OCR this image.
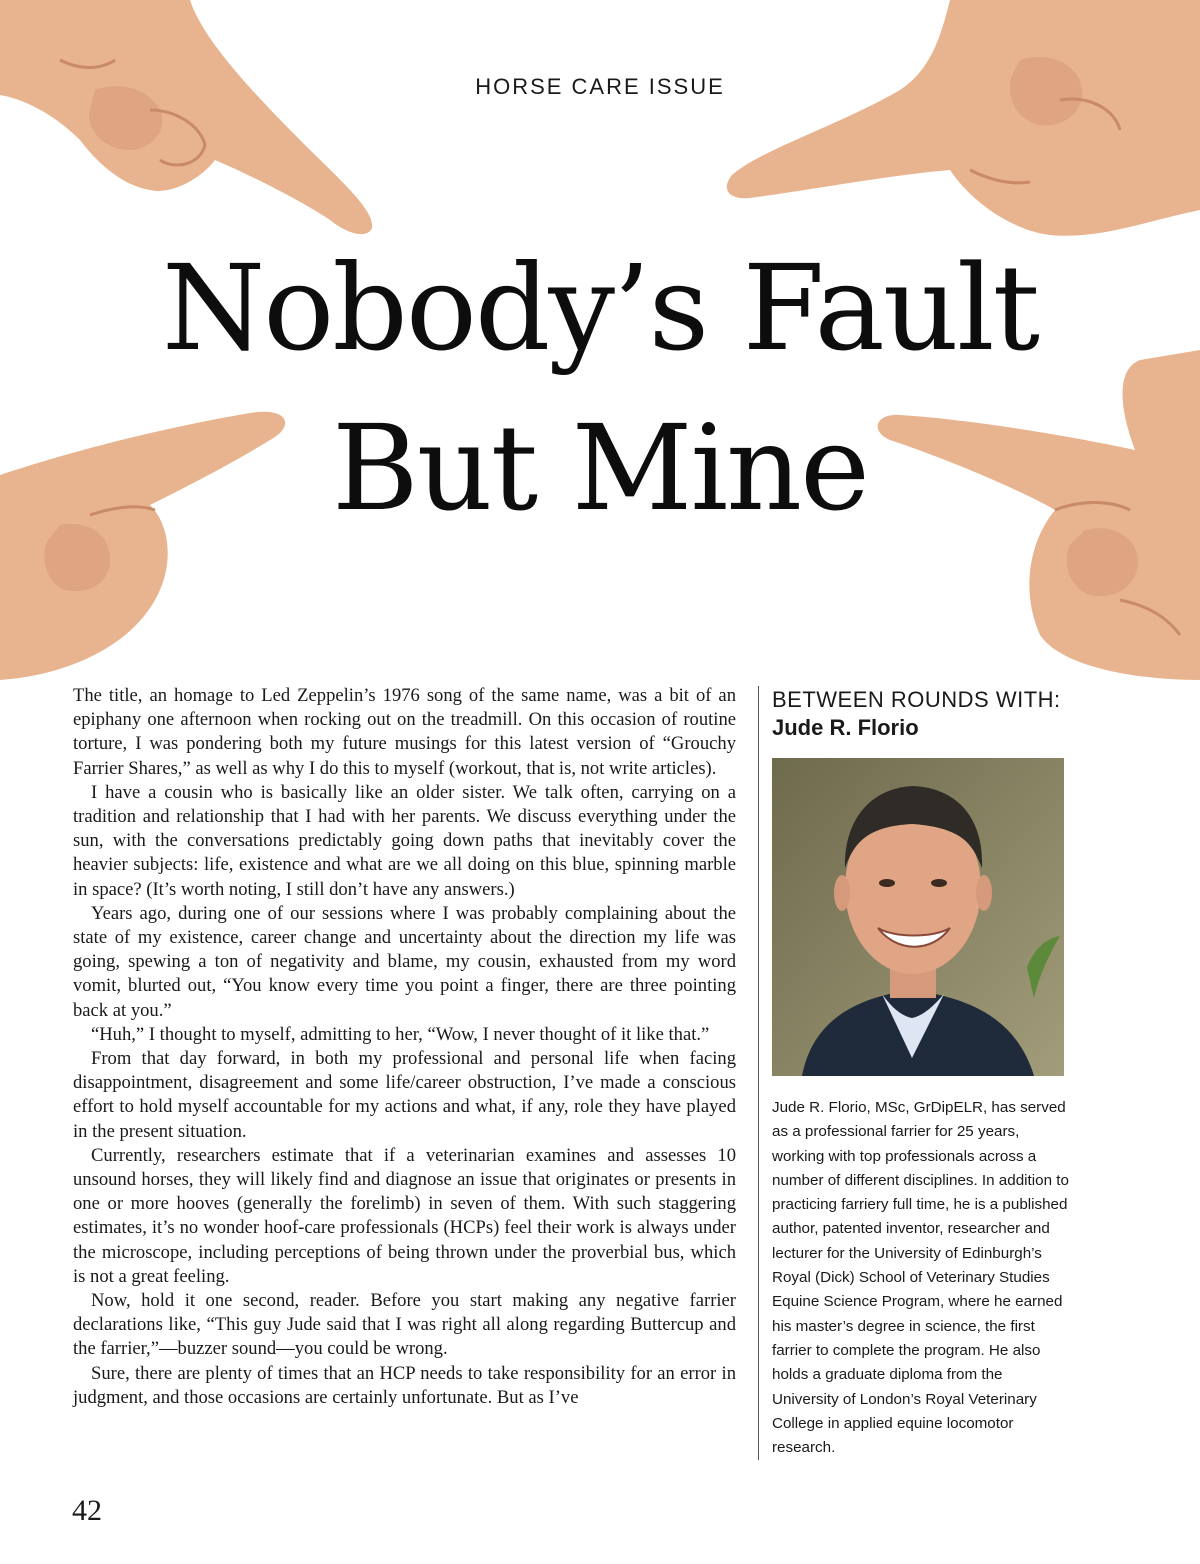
HORSE CARE ISSUE
Nobody’s Fault
But Mine

The title, an homage to Led Zeppelin’s 1976 song of the same name, was a bit of an epiphany one afternoon when rocking out on the treadmill. On this occasion of routine torture, I was pondering both my future musings for this latest version of “Grouchy Farrier Shares,” as well as why I do this to myself (workout, that is, not write articles).

I have a cousin who is basically like an older sister. We talk often, carrying on a tradition and relationship that I had with her parents. We discuss everything under the sun, with the conversations predictably going down paths that inevitably cover the heavier subjects: life, existence and what are we all doing on this blue, spinning marble in space? (It’s worth noting, I still don’t have any answers.)

Years ago, during one of our sessions where I was probably complaining about the state of my existence, career change and uncertainty about the direction my life was going, spewing a ton of negativity and blame, my cousin, exhausted from my word vomit, blurted out, “You know every time you point a finger, there are three pointing back at you.”

“Huh,” I thought to myself, admitting to her, “Wow, I never thought of it like that.”

From that day forward, in both my professional and personal life when facing disappointment, disagreement and some life/career obstruction, I’ve made a conscious effort to hold myself accountable for my actions and what, if any, role they have played in the present situation.

Currently, researchers estimate that if a veterinarian examines and assesses 10 unsound horses, they will likely find and diagnose an issue that originates or presents in one or more hooves (generally the forelimb) in seven of them. With such staggering estimates, it’s no wonder hoof-care professionals (HCPs) feel their work is always under the microscope, including perceptions of being thrown under the proverbial bus, which is not a great feeling.

Now, hold it one second, reader. Before you start making any negative farrier declarations like, “This guy Jude said that I was right all along regarding Buttercup and the farrier,”—buzzer sound—you could be wrong.

Sure, there are plenty of times that an HCP needs to take responsibility for an error in judgment, and those occasions are certainly unfortunate. But as I’ve

BETWEEN ROUNDS WITH:
Jude R. Florio
Jude R. Florio, MSc, GrDipELR, has served as a professional farrier for 25 years, working with top professionals across a number of different disciplines. In addition to practicing farriery full time, he is a published author, patented inventor, researcher and lecturer for the University of Edinburgh’s Royal (Dick) School of Veterinary Studies Equine Science Program, where he earned his master’s degree in science, the first farrier to complete the program. He also holds a graduate diploma from the University of London’s Royal Veterinary College in applied equine locomotor research.
42
